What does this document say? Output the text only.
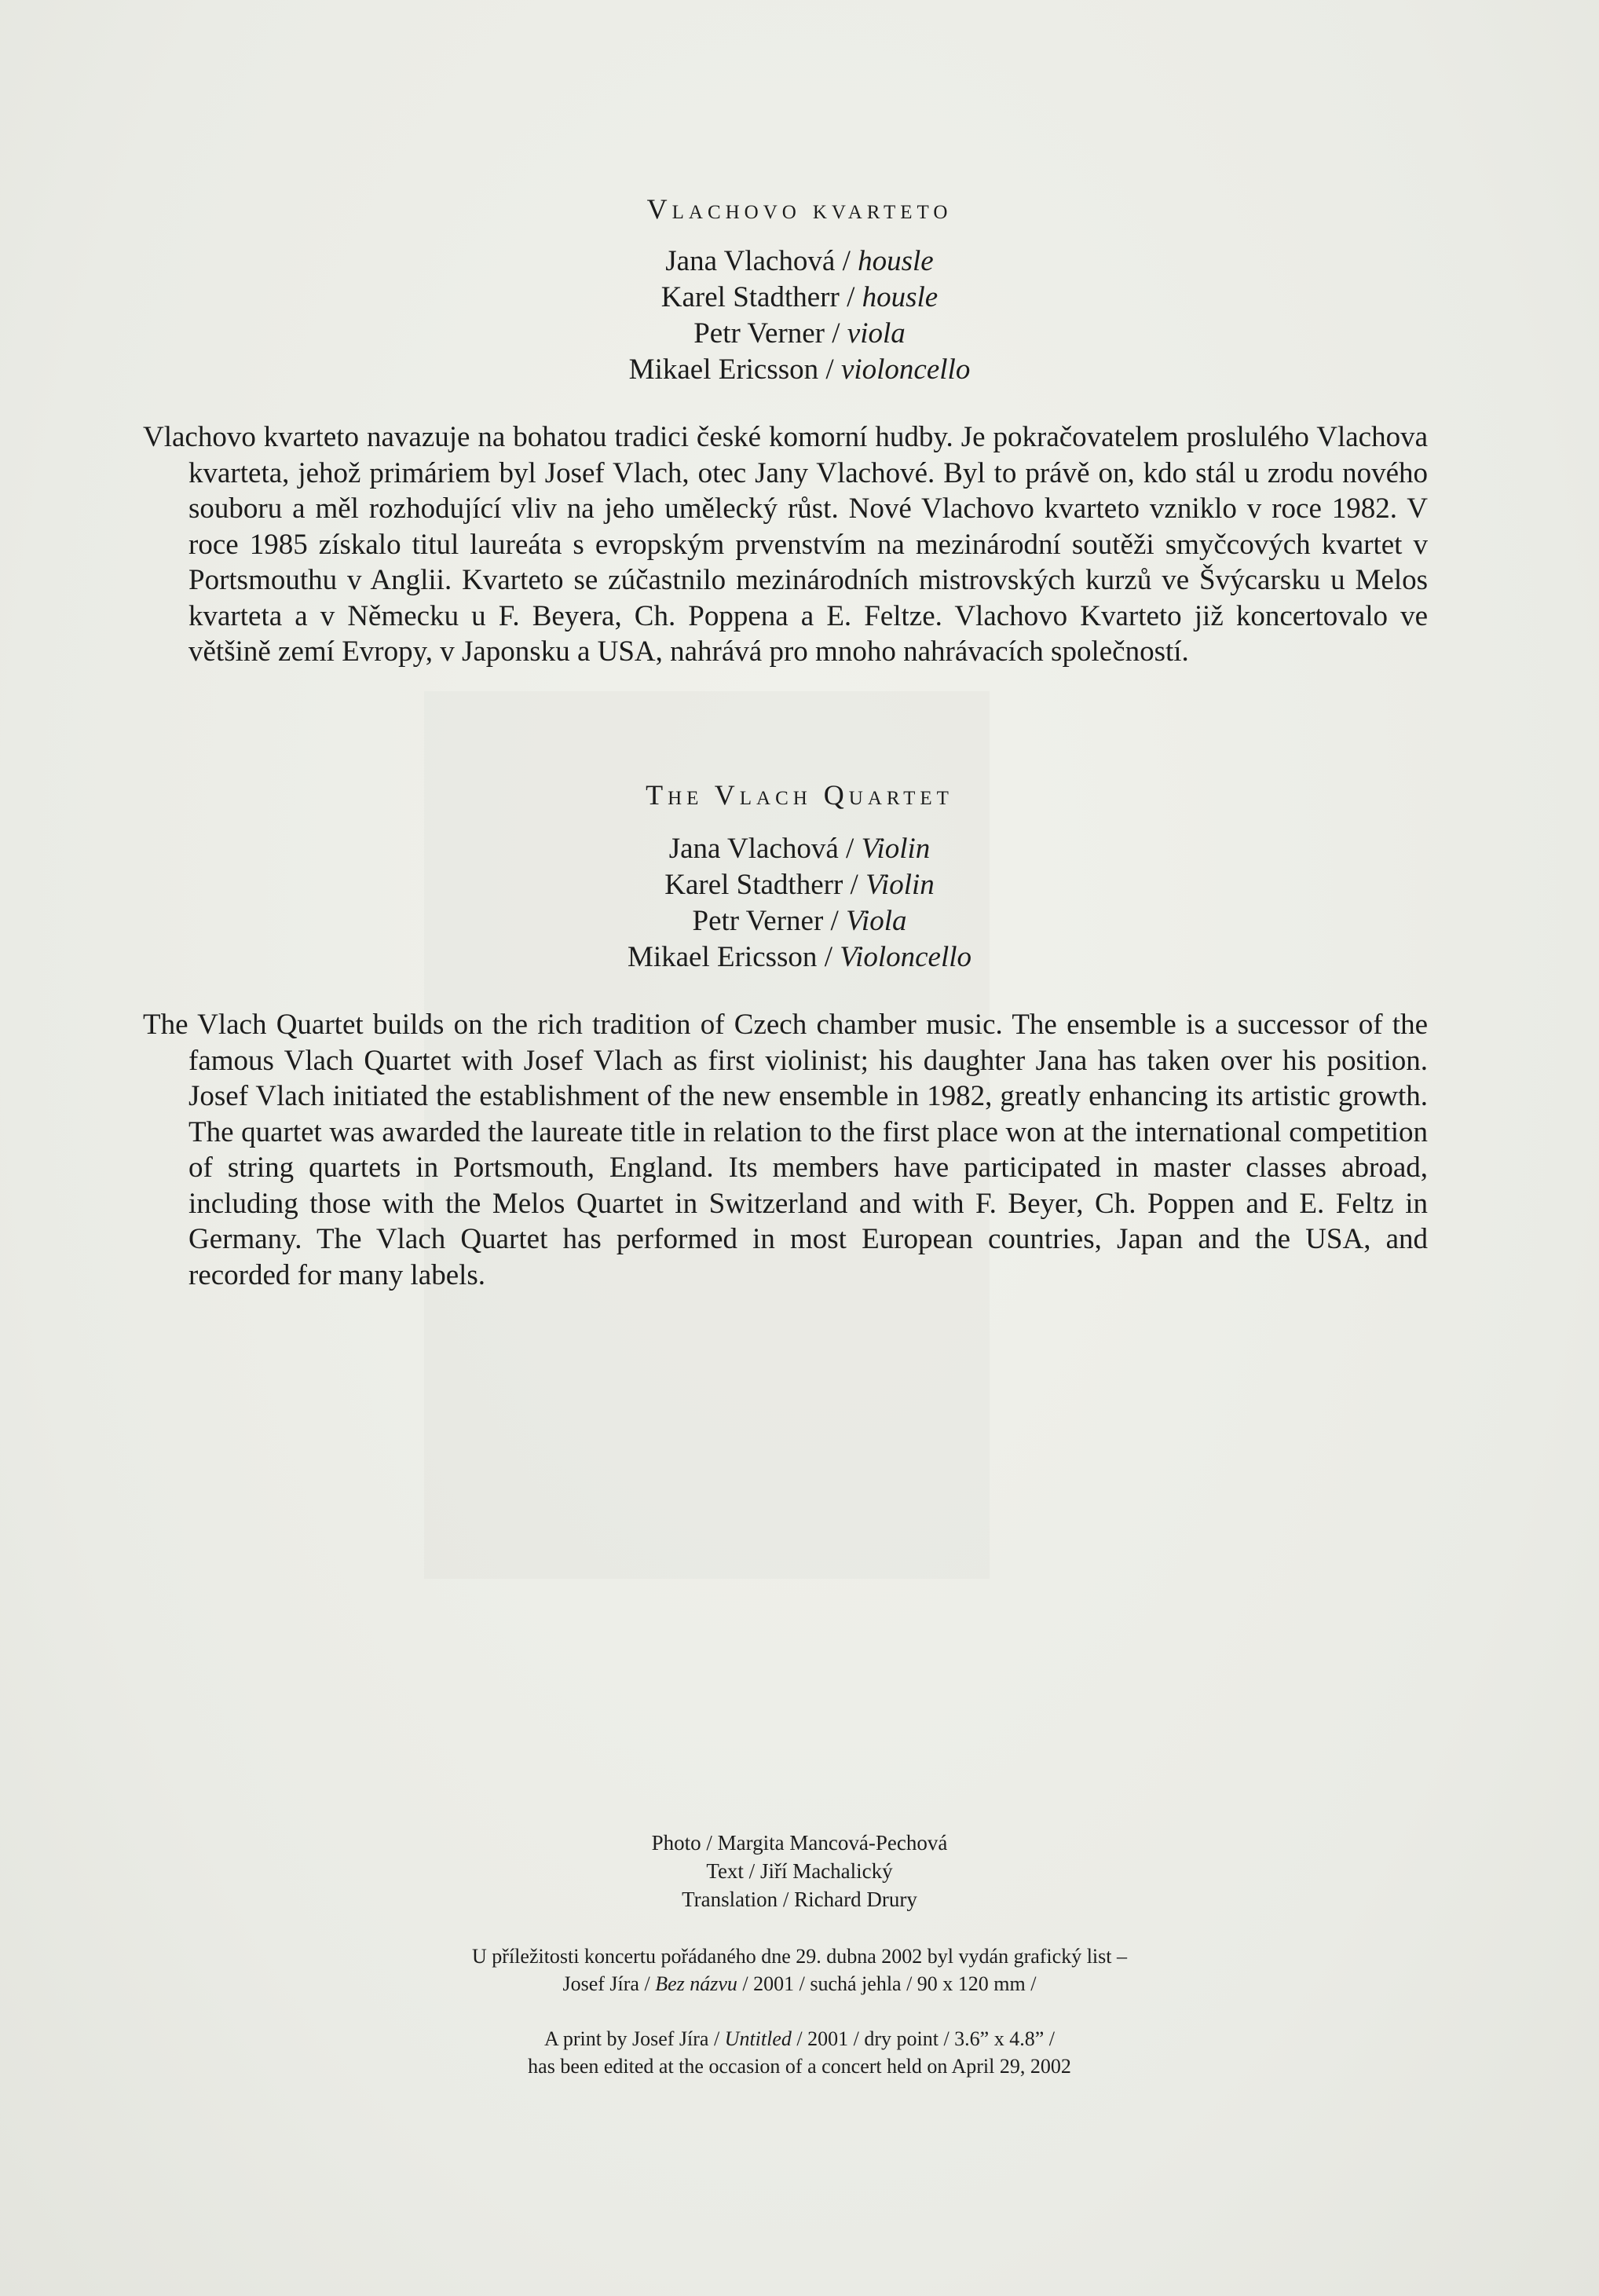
Vlachovo kvarteto
Jana Vlachová / housle
Karel Stadtherr / housle
Petr Verner / viola
Mikael Ericsson / violoncello

Vlachovo kvarteto navazuje na bohatou tradici české komorní hudby. Je pokračovatelem proslulého Vlachova kvarteta, jehož primáriem byl Josef Vlach, otec Jany Vlachové. Byl to právě on, kdo stál u zrodu nového souboru a měl rozhodující vliv na jeho umělecký růst. Nové Vlachovo kvarteto vzniklo v roce 1982. V roce 1985 získalo titul laureáta s evropským prvenstvím na mezinárodní soutěži smyčcových kvartet v Portsmouthu v Anglii. Kvarteto se zúčastnilo mezinárodních mistrovských kurzů ve Švýcarsku u Melos kvarteta a v Německu u F. Beyera, Ch. Poppena a E. Feltze. Vlachovo Kvarteto již koncertovalo ve většině zemí Evropy, v Japonsku a USA, nahrává pro mnoho nahrávacích společností.

The Vlach Quartet
Jana Vlachová / Violin
Karel Stadtherr / Violin
Petr Verner / Viola
Mikael Ericsson / Violoncello

The Vlach Quartet builds on the rich tradition of Czech chamber music. The ensemble is a successor of the famous Vlach Quartet with Josef Vlach as first violinist; his daughter Jana has taken over his position. Josef Vlach initiated the establishment of the new ensemble in 1982, greatly enhancing its artistic growth. The quartet was awarded the laureate title in relation to the first place won at the international competition of string quartets in Portsmouth, England. Its members have participated in master classes abroad, including those with the Melos Quartet in Switzerland and with F. Beyer, Ch. Poppen and E. Feltz in Germany. The Vlach Quartet has performed in most European countries, Japan and the USA, and recorded for many labels.

Photo / Margita Mancová-Pechová
Text / Jiří Machalický
Translation / Richard Drury
U příležitosti koncertu pořádaného dne 29. dubna 2002 byl vydán grafický list –
Josef Jíra / Bez názvu / 2001 / suchá jehla / 90 x 120 mm /
A print by Josef Jíra / Untitled / 2001 / dry point / 3.6” x 4.8” /
has been edited at the occasion of a concert held on April 29, 2002
